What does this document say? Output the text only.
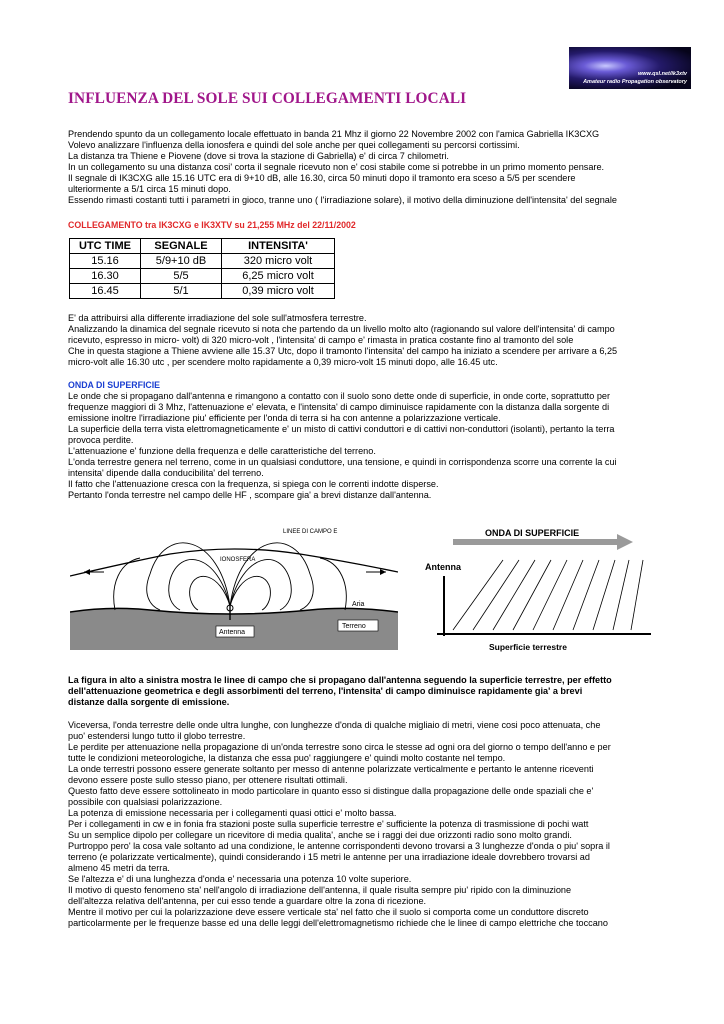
www.qsl.net/ik3xtv
Amateur radio Propagation observatory
INFLUENZA DEL SOLE SUI COLLEGAMENTI LOCALI

Prendendo spunto da un collegamento locale effettuato in banda 21 Mhz il giorno 22 Novembre 2002 con l'amica Gabriella IK3CXG

Volevo analizzare l'influenza della ionosfera e quindi del sole anche per quei collegamenti su percorsi cortissimi.

La distanza tra Thiene e Piovene (dove si trova la stazione di Gabriella) e' di circa 7 chilometri.

In un collegamento su una distanza cosi' corta il segnale ricevuto non e' cosi stabile come si potrebbe in un primo momento pensare.

Il segnale di IK3CXG alle 15.16 UTC era di 9+10 dB, alle 16.30, circa 50 minuti dopo il tramonto era sceso a 5/5 per scendere

ulteriormente a 5/1 circa 15 minuti dopo.

Essendo rimasti costanti tutti i parametri in gioco, tranne uno ( l'irradiazione solare), il motivo della diminuzione dell'intensita' del segnale

COLLEGAMENTO tra IK3CXG e IK3XTV su 21,255 MHz del 22/11/2002
UTC TIME	SEGNALE	INTENSITA'
15.16	5/9+10 dB	320 micro volt
16.30	5/5	6,25 micro volt
16.45	5/1	0,39 micro volt

E' da attribuirsi alla differente irradiazione del sole sull'atmosfera terrestre.

Analizzando la dinamica del segnale ricevuto si nota che partendo da un livello molto alto (ragionando sul valore dell'intensita' di campo

ricevuto, espresso in micro- volt) di 320 micro-volt , l'intensita' di campo e' rimasta in pratica costante fino al tramonto del sole

Che in questa stagione a Thiene avviene alle 15.37 Utc, dopo il tramonto l'intensita' del campo ha iniziato a scendere per arrivare a 6,25

micro-volt alle 16.30 utc , per scendere molto rapidamente a 0,39 micro-volt 15 minuti dopo, alle 16.45 utc.

ONDA DI SUPERFICIE

Le onde che si propagano dall'antenna e rimangono a contatto con il suolo sono dette onde di superficie, in onde corte, soprattutto per

frequenze maggiori di 3 Mhz, l'attenuazione e' elevata, e l'intensita' di campo diminuisce rapidamente con la distanza dalla sorgente di

emissione inoltre l'irradiazione piu' efficiente per l'onda di terra si ha con antenne a polarizzazione verticale.

La superficie della terra vista elettromagneticamente e' un misto di cattivi conduttori e di cattivi non-conduttori (isolanti), pertanto la terra

provoca perdite.

L'attenuazione e' funzione della frequenza e delle caratteristiche del terreno.

L'onda terrestre genera nel terreno, come in un qualsiasi conduttore, una tensione, e quindi in corrispondenza scorre una corrente la cui

intensita' dipende dalla conducibilita' del terreno.

Il fatto che l'attenuazione cresca con la frequenza, si spiega con le correnti indotte disperse.

Pertanto l'onda terrestre nel campo delle HF , scompare gia' a brevi distanze dall'antenna.

IONOSFERA
LINEE DI CAMPO E
Aria
Terreno
Antenna
ONDA DI SUPERFICIE
Antenna
Superficie terrestre

La figura in alto a sinistra mostra le linee di campo che si propagano dall'antenna seguendo la superficie terrestre, per effetto

dell'attenuazione geometrica e degli assorbimenti del terreno, l'intensita' di campo diminuisce rapidamente gia' a brevi

distanze dalla sorgente di emissione.

Viceversa, l'onda terrestre delle onde ultra lunghe, con lunghezze d'onda di qualche migliaio di metri, viene cosi poco attenuata, che

puo' estendersi lungo tutto il globo terrestre.

Le perdite per attenuazione nella propagazione di un'onda terrestre sono circa le stesse ad ogni ora del giorno o tempo dell'anno e per

tutte le condizioni meteorologiche, la distanza che essa puo' raggiungere e' quindi molto costante nel tempo.

La onde terrestri possono essere generate soltanto per messo di antenne polarizzate verticalmente e pertanto le antenne riceventi

devono essere poste sullo stesso piano, per ottenere risultati ottimali.

Questo fatto deve essere sottolineato in modo particolare in quanto esso si distingue dalla propagazione delle onde spaziali che e'

possibile con qualsiasi polarizzazione.

La potenza di emissione necessaria per i collegamenti quasi ottici e' molto bassa.

Per i collegamenti in cw e in fonia fra stazioni poste sulla superficie terrestre e' sufficiente la potenza di trasmissione di pochi watt

Su un semplice dipolo per collegare un ricevitore di media qualita', anche se i raggi dei due orizzonti radio sono molto grandi.

Purtroppo pero' la cosa vale soltanto ad una condizione, le antenne corrispondenti devono trovarsi a 3 lunghezze d'onda o piu' sopra il

terreno (e polarizzate verticalmente), quindi considerando i 15 metri le antenne per una irradiazione ideale dovrebbero trovarsi ad

almeno 45 metri da terra.

Se l'altezza e' di una lunghezza d'onda e' necessaria una potenza 10 volte superiore.

Il motivo di questo fenomeno sta' nell'angolo di irradiazione dell'antenna, il quale risulta sempre piu' ripido con la diminuzione

dell'altezza relativa dell'antenna, per cui esso tende a guardare oltre la zona di ricezione.

Mentre il motivo per cui la polarizzazione deve essere verticale sta' nel fatto che il suolo si comporta come un conduttore discreto

particolarmente per le frequenze basse ed una delle leggi dell'elettromagnetismo richiede che le linee di campo elettriche che toccano
